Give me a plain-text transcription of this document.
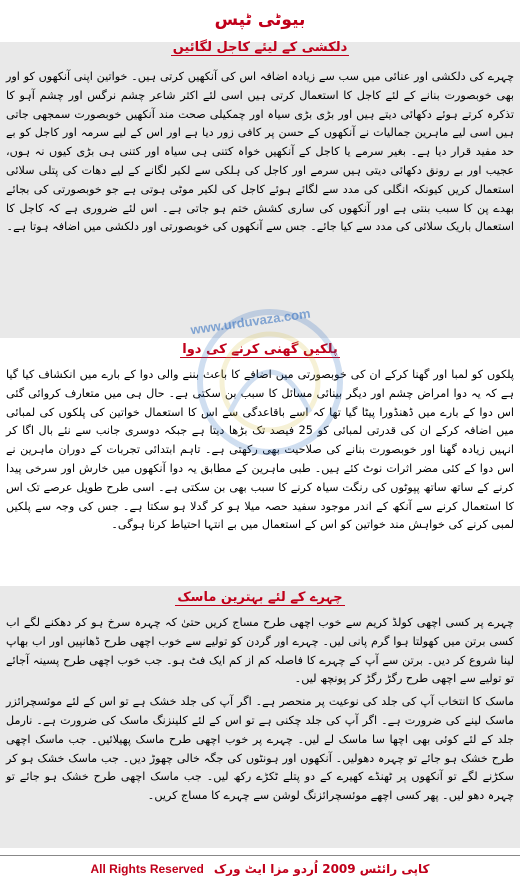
بیوٹی ٹپس
دلکشی کے لیئے کاجل لگائیں

چہرے کی دلکشی اور عنائی میں سب سے زیادہ اضافہ اس کی آنکھیں کرتی ہیں۔ خواتین اپنی آنکھوں کو اور بھی خوبصورت بنانے کے لئے کاجل کا استعمال کرتی ہیں اسی لئے اکثر شاعر چشم نرگس اور چشم آہو کا تذکرہ کرتے ہوئے دکھائی دیتے ہیں اور بڑی بڑی سیاہ اور چمکیلی صحت مند آنکھیں خوبصورت سمجھی جاتی ہیں اسی لیے ماہرین جمالیات نے آنکھوں کے حسن پر کافی زور دیا ہے اور اس کے لیے سرمہ اور کاجل کو بے حد مفید قرار دیا ہے۔ بغیر سرمے یا کاجل کے آنکھیں خواہ کتنی ہی سیاہ اور کتنی ہی بڑی کیوں نہ ہوں، عجیب اور بے رونق دکھائی دیتی ہیں سرمے اور کاجل کی ہلکی سے لکیر لگانے کے لیے دھات کی پتلی سلائی استعمال کریں کیونکہ انگلی کی مدد سے لگائے ہوئے کاجل کی لکیر موٹی ہوتی ہے جو خوبصورتی کی بجائے بھدے پن کا سبب بنتی ہے اور آنکھوں کی ساری کشش ختم ہو جاتی ہے۔ اس لئے ضروری ہے کہ کاجل کا استعمال باریک سلائی کی مدد سے کیا جائے۔ جس سے آنکھوں کی خوبصورتی اور دلکشی میں اضافہ ہوتا ہے۔

پلکیں گھنی کرنے کی دوا

پلکوں کو لمبا اور گھنا کرکے ان کی خوبصورتی میں اضافے کا باعث بننے والی دوا کے بارے میں انکشاف کیا گیا ہے کہ یہ دوا امراض چشم اور دیگر بینائی مسائل کا سبب بن سکتی ہے۔ حال ہی میں متعارف کروائی گئی اس دوا کے بارے میں ڈھنڈورا پیٹا گیا تھا کہ اسے باقاعدگی سے اس کا استعمال خواتین کی پلکوں کی لمبائی میں اضافہ کرکے ان کی قدرتی لمبائی کو 25 فیصد تک بڑھا دیتا ہے جبکہ دوسری جانب سے نئے بال اگا کر انہیں زیادہ گھنا اور خوبصورت بنانے کی صلاحیت بھی رکھتی ہے۔ تاہم ابتدائی تجربات کے دوران ماہرین نے اس دوا کے کئی مضر اثرات نوٹ کئے ہیں۔ طبی ماہرین کے مطابق یہ دوا آنکھوں میں خارش اور سرخی پیدا کرنے کے ساتھ ساتھ پپوٹوں کی رنگت سیاہ کرنے کا سبب بھی بن سکتی ہے۔ اسی طرح طویل عرصے تک اس کا استعمال کرنے سے آنکھ کے اندر موجود سفید حصہ میلا ہو کر گدلا ہو سکتا ہے۔ جس کی وجہ سے پلکیں لمبی کرنے کی خواہش مند خواتین کو اس کے استعمال میں بے انتہا احتیاط کرنا ہوگی۔

www.urduvaza.com
چہرے کے لئے بہترین ماسک

چہرے پر کسی اچھی کولڈ کریم سے خوب اچھی طرح مساج کریں حتیٰ کہ چہرہ سرخ ہو کر دھکنے لگے اب کسی برتن میں کھولتا ہوا گرم پانی لیں۔ چہرے اور گردن کو تولیے سے خوب اچھی طرح ڈھانپیں اور اب بھاپ لینا شروع کر دیں۔ برتن سے آپ کے چہرے کا فاصلہ کم از کم ایک فٹ ہو۔ جب خوب اچھی طرح پسینہ آجائے تو تولیے سے اچھی طرح رگڑ رگڑ کر پونچھ لیں۔

ماسک کا انتخاب آپ کی جلد کی نوعیت پر منحصر ہے۔ اگر آپ کی جلد خشک ہے تو اس کے لئے موئسچرائزر ماسک لینے کی ضرورت ہے۔ اگر آپ کی جلد چکنی ہے تو اس کے لئے کلینزنگ ماسک کی ضرورت ہے۔ نارمل جلد کے لئے کوئی بھی اچھا سا ماسک لے لیں۔ چہرے پر خوب اچھی طرح ماسک پھیلائیں۔ جب ماسک اچھی طرح خشک ہو جائے تو چہرہ دھولیں۔ آنکھوں اور ہونٹوں کی جگہ خالی چھوڑ دیں۔ جب ماسک خشک ہو کر سکڑنے لگے تو آنکھوں پر ٹھنڈے کھیرے کے دو پتلے ٹکڑے رکھ لیں۔ جب ماسک اچھی طرح خشک ہو جائے تو چہرہ دھو لیں۔ پھر کسی اچھے موئسچرائزنگ لوشن سے چہرے کا مساج کریں۔

All Rights Reserved کاپی رائٹس 2009 اُردو مزا ایٹ ورک
